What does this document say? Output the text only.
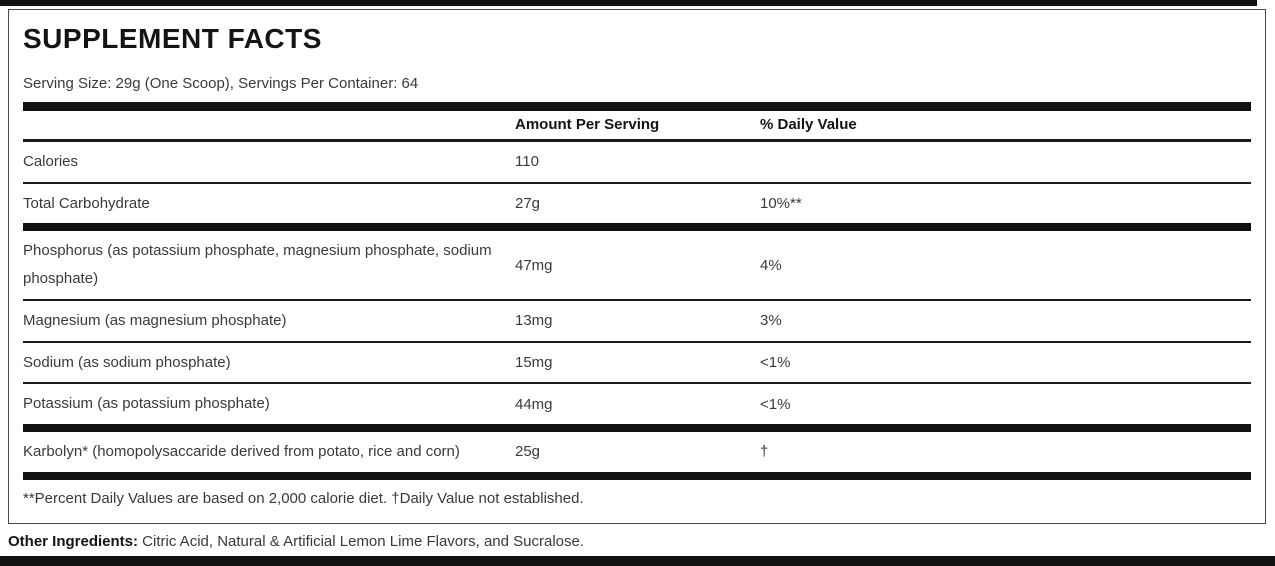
SUPPLEMENT FACTS
Serving Size: 29g (One Scoop), Servings Per Container: 64
Amount Per Serving	% Daily Value
Calories	110
Total Carbohydrate	27g	10%**
Phosphorus (as potassium phosphate, magnesium phosphate, sodium phosphate)
47mg	4%
Magnesium (as magnesium phosphate)	13mg	3%
Sodium (as sodium phosphate)	15mg	<1%
Potassium (as potassium phosphate)	44mg	<1%
Karbolyn* (homopolysaccaride derived from potato, rice and corn)	25g	†
**Percent Daily Values are based on 2,000 calorie diet. †Daily Value not established.
Other Ingredients: Citric Acid, Natural & Artificial Lemon Lime Flavors, and Sucralose.
